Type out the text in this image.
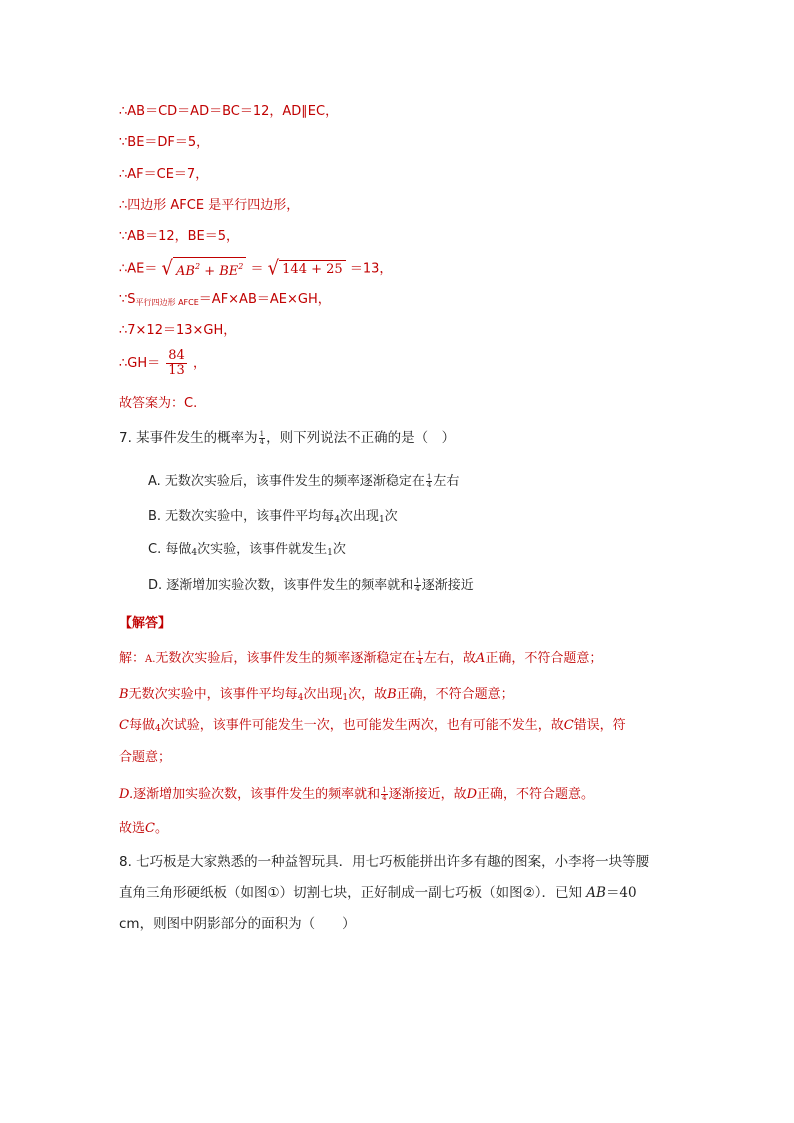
∴AB＝CD＝AD＝BC＝12，AD∥EC，
∵BE＝DF＝5，
∴AF＝CE＝7，
∴四边形 AFCE 是平行四边形，
∵AB＝12，BE＝5，
∴AE＝ √ $AB^2 + BE^2$ ＝ √ 144 + 25 ＝13，
$\because S_{平行四边形 AFCE}=AF\times AB=AE\times GH$，
∴7×12＝13×GH，
∴GH＝ $\frac{84}{13}$ ，
故答案为：C.
7. 某事件发生的概率为 $\frac{1}{4}$ ，则下列说法不正确的是（　）
A. 无数次实验后，该事件发生的频率逐渐稳定在 $\frac{1}{4}$ 左右
B. 无数次实验中，该事件平均每$_4$次出现$_1$次
C. 每做$_4$次实验，该事件就发生$_1$次
D. 逐渐增加实验次数，该事件发生的频率就和 $\frac{1}{4}$ 逐渐接近
【解答】
解：A.无数次实验后，该事件发生的频率逐渐稳定在 $\frac{1}{4}$ 左右，故A正确，不符合题意；
B无数次实验中，该事件平均每$_4$次出现$_1$次，故B正确，不符合题意；
C每做$_4$次试验，该事件可能发生一次，也可能发生两次，也有可能不发生，故C错误，符
合题意；
D.逐渐增加实验次数，该事件发生的频率就和 $\frac{1}{4}$ 逐渐接近，故D正确，不符合题意。
故选C。
8. 七巧板是大家熟悉的一种益智玩具．用七巧板能拼出许多有趣的图案，小李将一块等腰
直角三角形硬纸板（如图①）切割七块，正好制成一副七巧板（如图②）．已知 AB＝40
cm，则图中阴影部分的面积为（　　）
